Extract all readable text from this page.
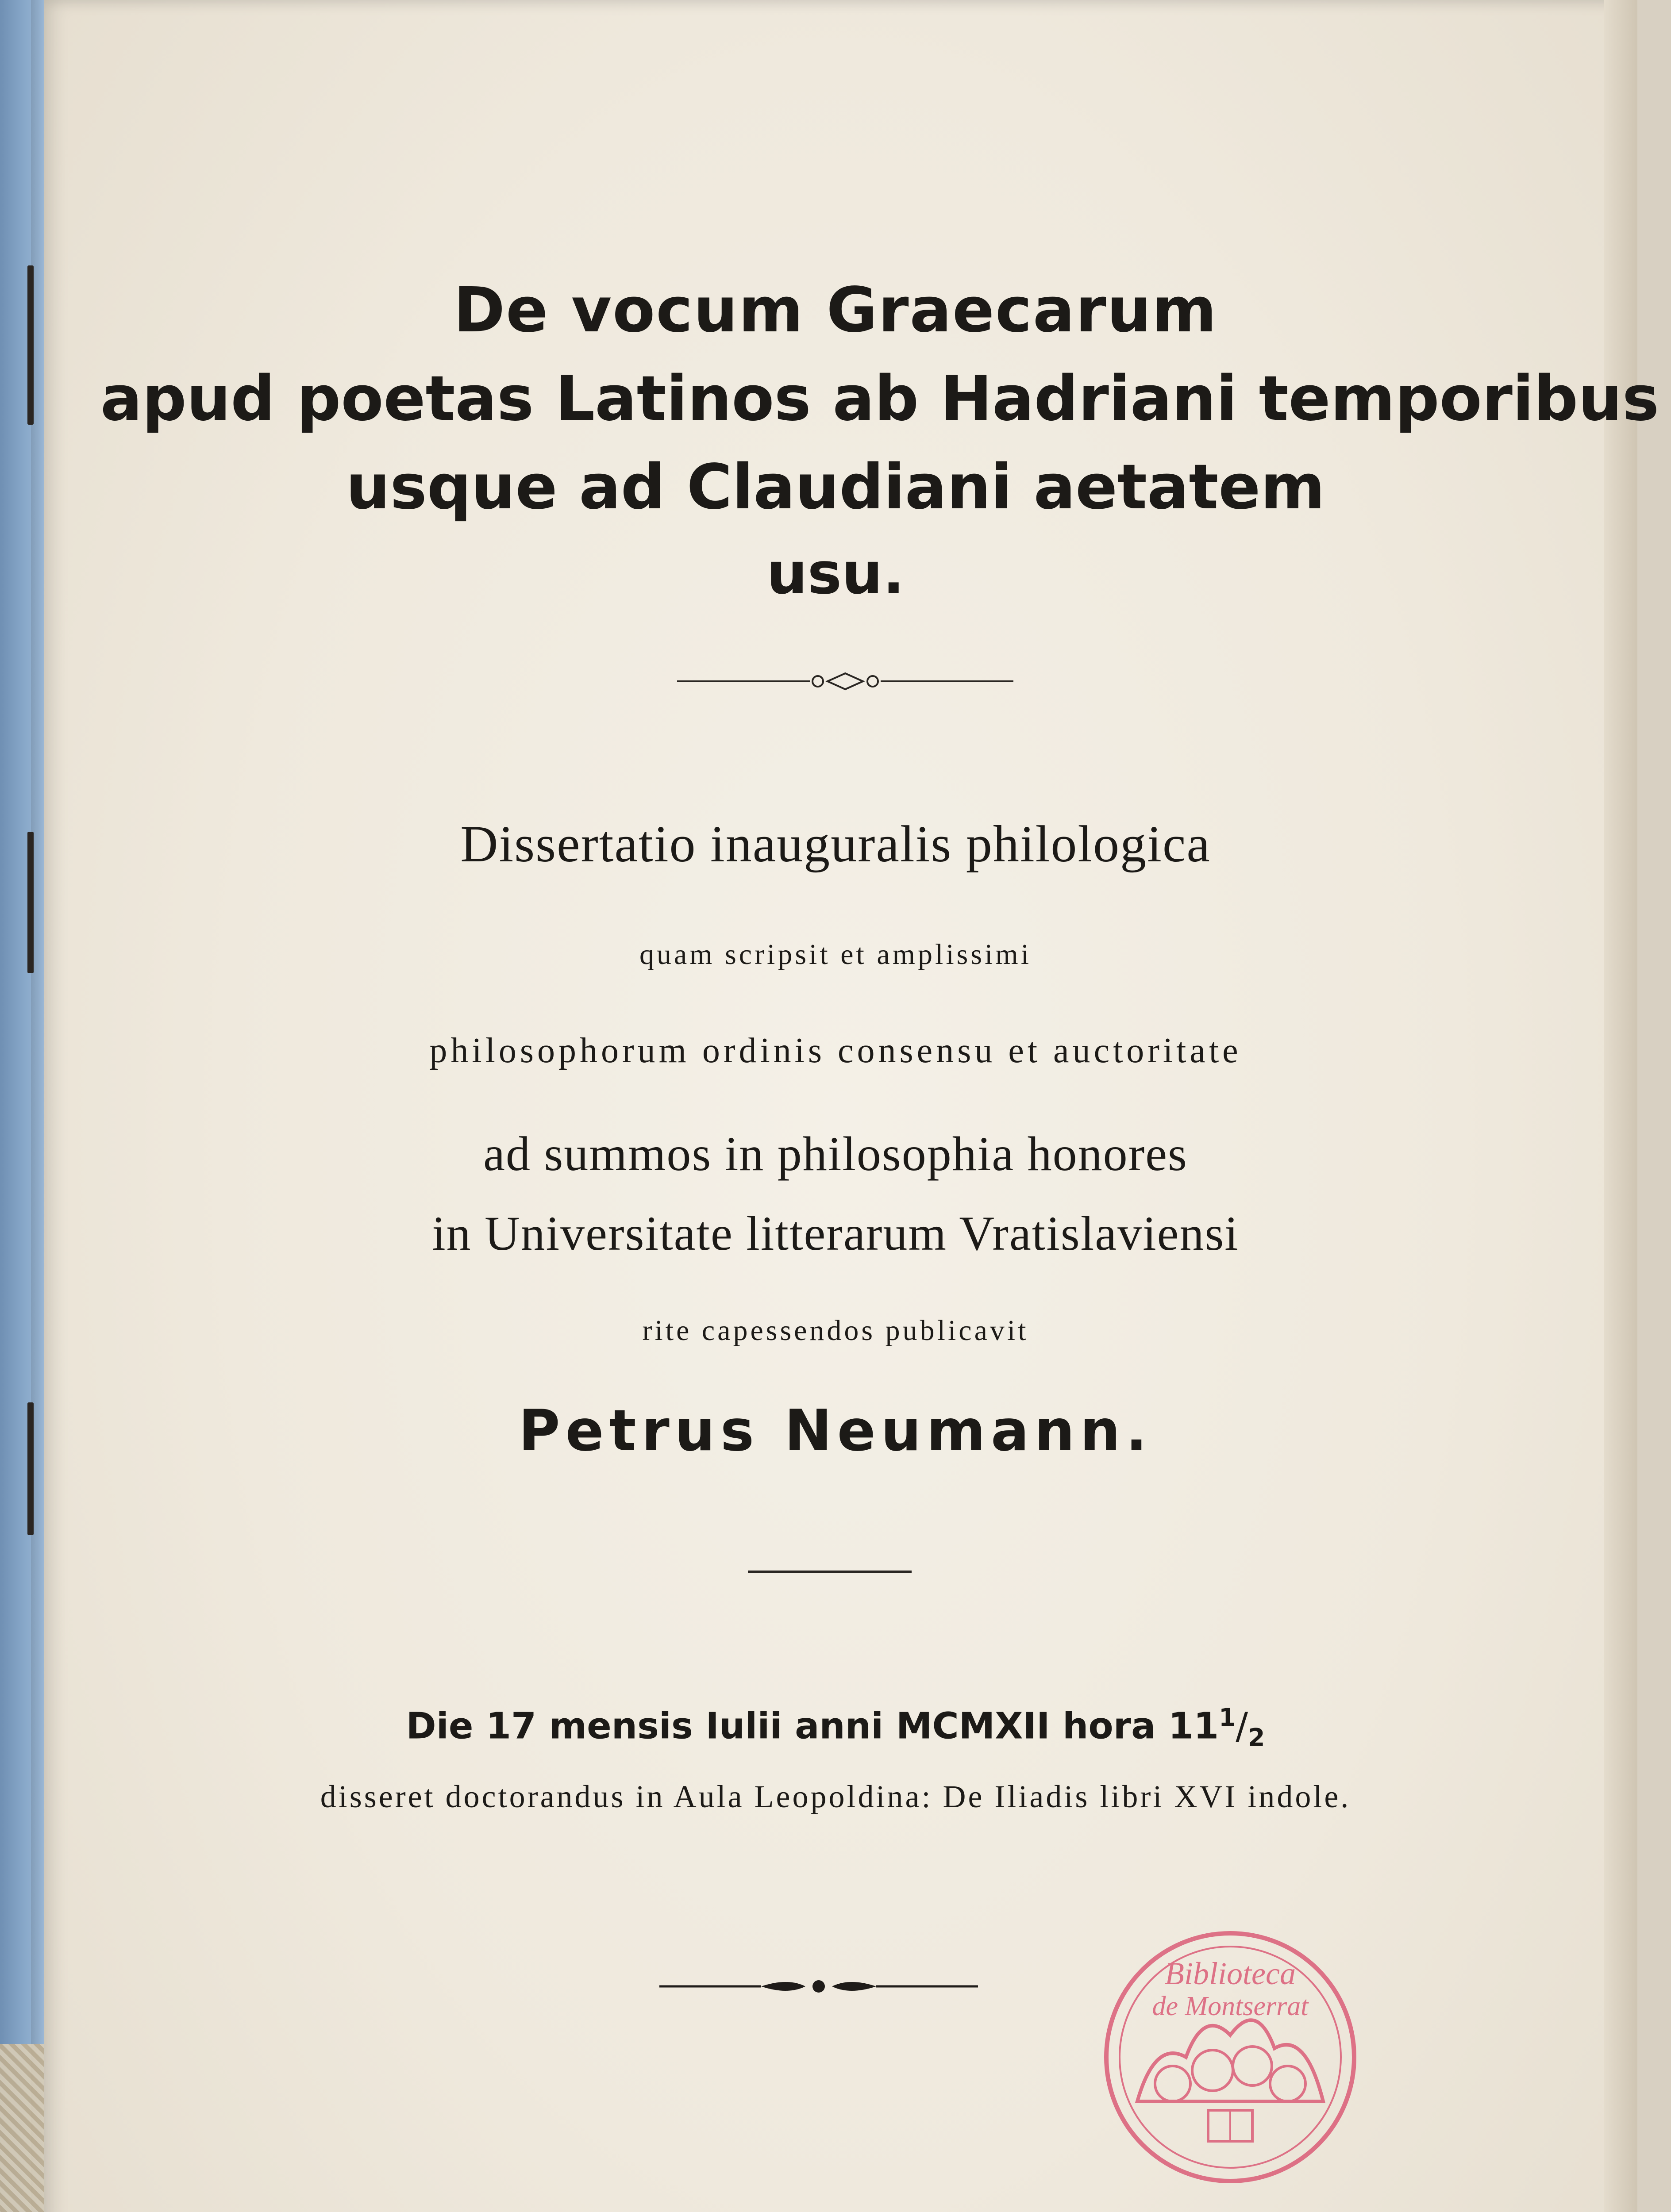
De vocum Graecarum

apud poetas Latinos ab Hadriani temporibus

usque ad Claudiani aetatem

usu.

Dissertatio inauguralis philologica

quam scripsit et amplissimi

philosophorum ordinis consensu et auctoritate

ad summos in philosophia honores

in Universitate litterarum Vratislaviensi

rite capessendos publicavit

Petrus Neumann.

Die 17 mensis Iulii anni MCMXII hora $11^1/_2$

disseret doctorandus in Aula Leopoldina: De Iliadis libri XVI indole.

Biblioteca
de Montserrat
